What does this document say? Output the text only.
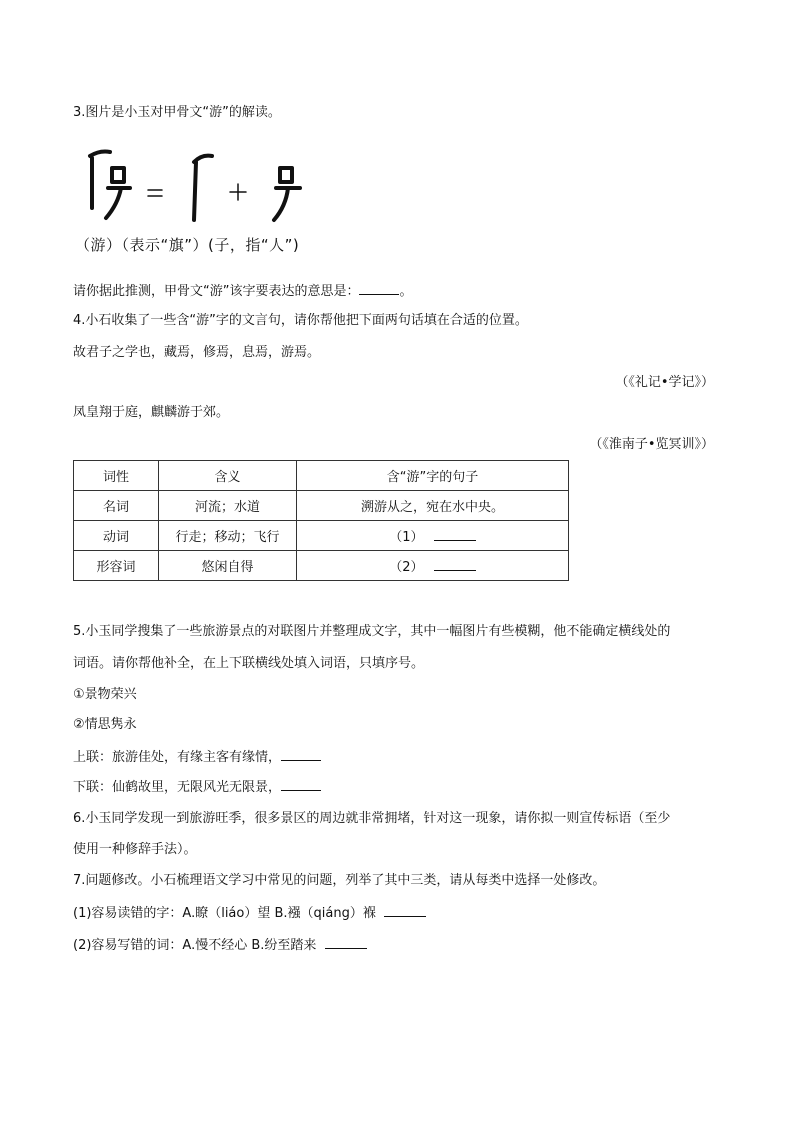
3.图片是小玉对甲骨文“游”的解读。
（游）（表示“旗”）(子，指“人”)
请你据此推测，甲骨文“游”该字要表达的意思是：	。
4.小石收集了一些含“游”字的文言句，请你帮他把下面两句话填在合适的位置。
故君子之学也，藏焉，修焉，息焉，游焉。
（《礼记•学记》）
凤皇翔于庭，麒麟游于郊。
（《淮南子•览冥训》）
词性	含义	含“游”字的句子
名词	河流；水道	溯游从之，宛在水中央。
动词	行走；移动；飞行	（1）
形容词	悠闲自得	（2）
5.小玉同学搜集了一些旅游景点的对联图片并整理成文字，其中一幅图片有些模糊，他不能确定横线处的
词语。请你帮他补全，在上下联横线处填入词语，只填序号。
①景物荣兴
②情思隽永
上联：旅游佳处，有缘主客有缘情，
下联：仙鹤故里，无限风光无限景，
6.小玉同学发现一到旅游旺季，很多景区的周边就非常拥堵，针对这一现象，请你拟一则宣传标语（至少
使用一种修辞手法）。
7.问题修改。小石梳理语文学习中常见的问题，列举了其中三类，请从每类中选择一处修改。
(1)容易读错的字：A.瞭（liáo）望 B.襁（qiáng）褓
(2)容易写错的词：A.慢不经心 B.纷至踏来
